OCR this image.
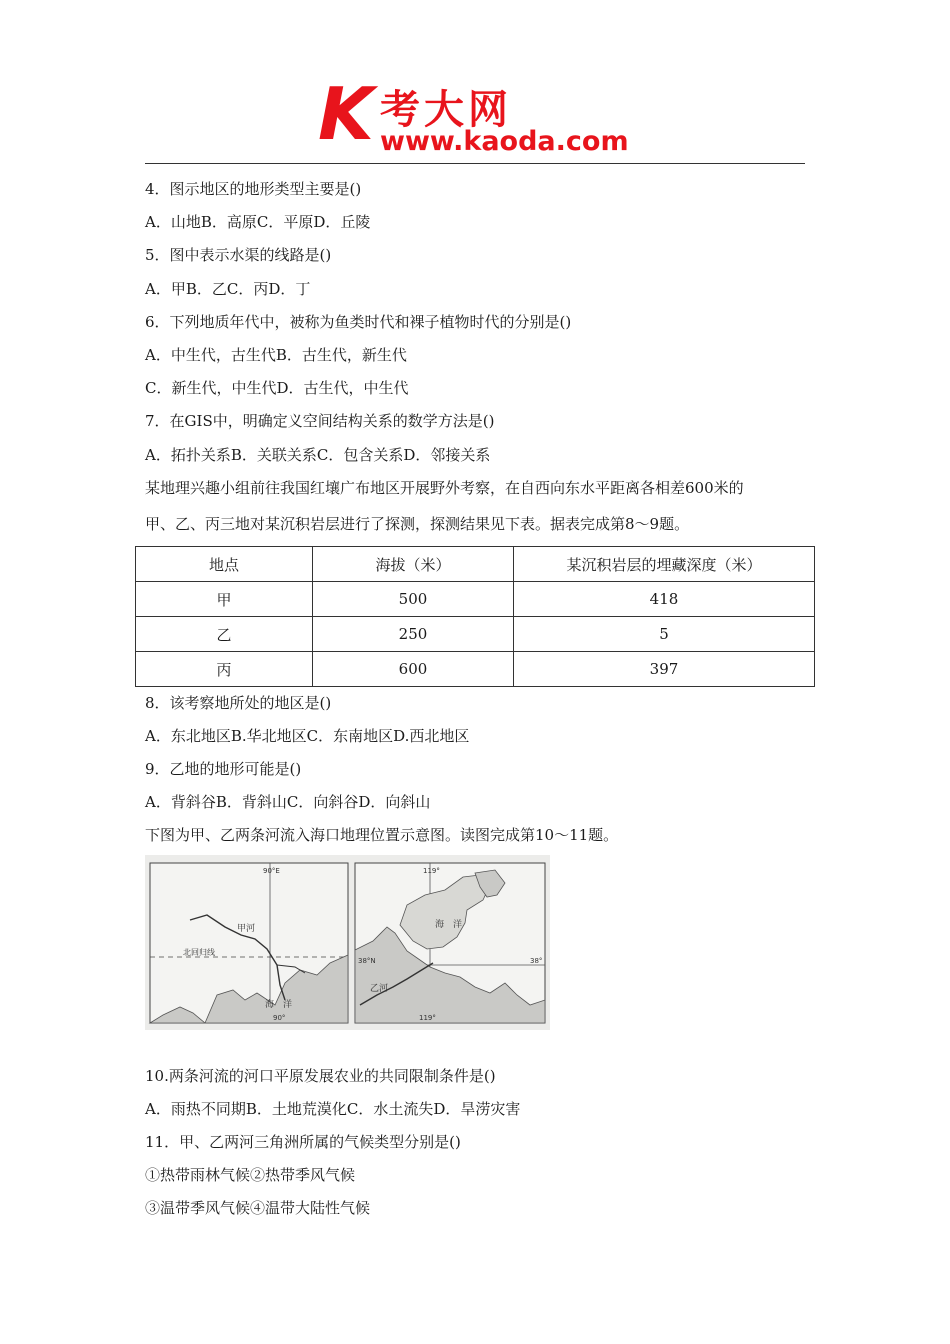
K 考大网
www.kaoda.com
4．图示地区的地形类型主要是()
A．山地B．高原C．平原D．丘陵
5．图中表示水渠的线路是()
A．甲B．乙C．丙D．丁
6．下列地质年代中，被称为鱼类时代和裸子植物时代的分别是()
A．中生代，古生代B．古生代，新生代
C．新生代，中生代D．古生代，中生代
7．在GIS中，明确定义空间结构关系的数学方法是()
A．拓扑关系B．关联关系C．包含关系D．邻接关系
某地理兴趣小组前往我国红壤广布地区开展野外考察，在自西向东水平距离各相差600米的
甲、乙、丙三地对某沉积岩层进行了探测，探测结果见下表。据表完成第8～9题。
地点	海拔（米）	某沉积岩层的埋藏深度（米）
甲	500	418
乙	250	5
丙	600	397
8．该考察地所处的地区是()
A．东北地区B.华北地区C．东南地区D.西北地区
9．乙地的地形可能是()
A．背斜谷B．背斜山C．向斜谷D．向斜山
下图为甲、乙两条河流入海口地理位置示意图。读图完成第10～11题。
90°E
90°
北回归线
甲河
海　洋
119°
119°
38°N	38°
乙河
海　洋
10.两条河流的河口平原发展农业的共同限制条件是()
A．雨热不同期B．土地荒漠化C．水土流失D．旱涝灾害
11．甲、乙两河三角洲所属的气候类型分别是()
①热带雨林气候②热带季风气候
③温带季风气候④温带大陆性气候
